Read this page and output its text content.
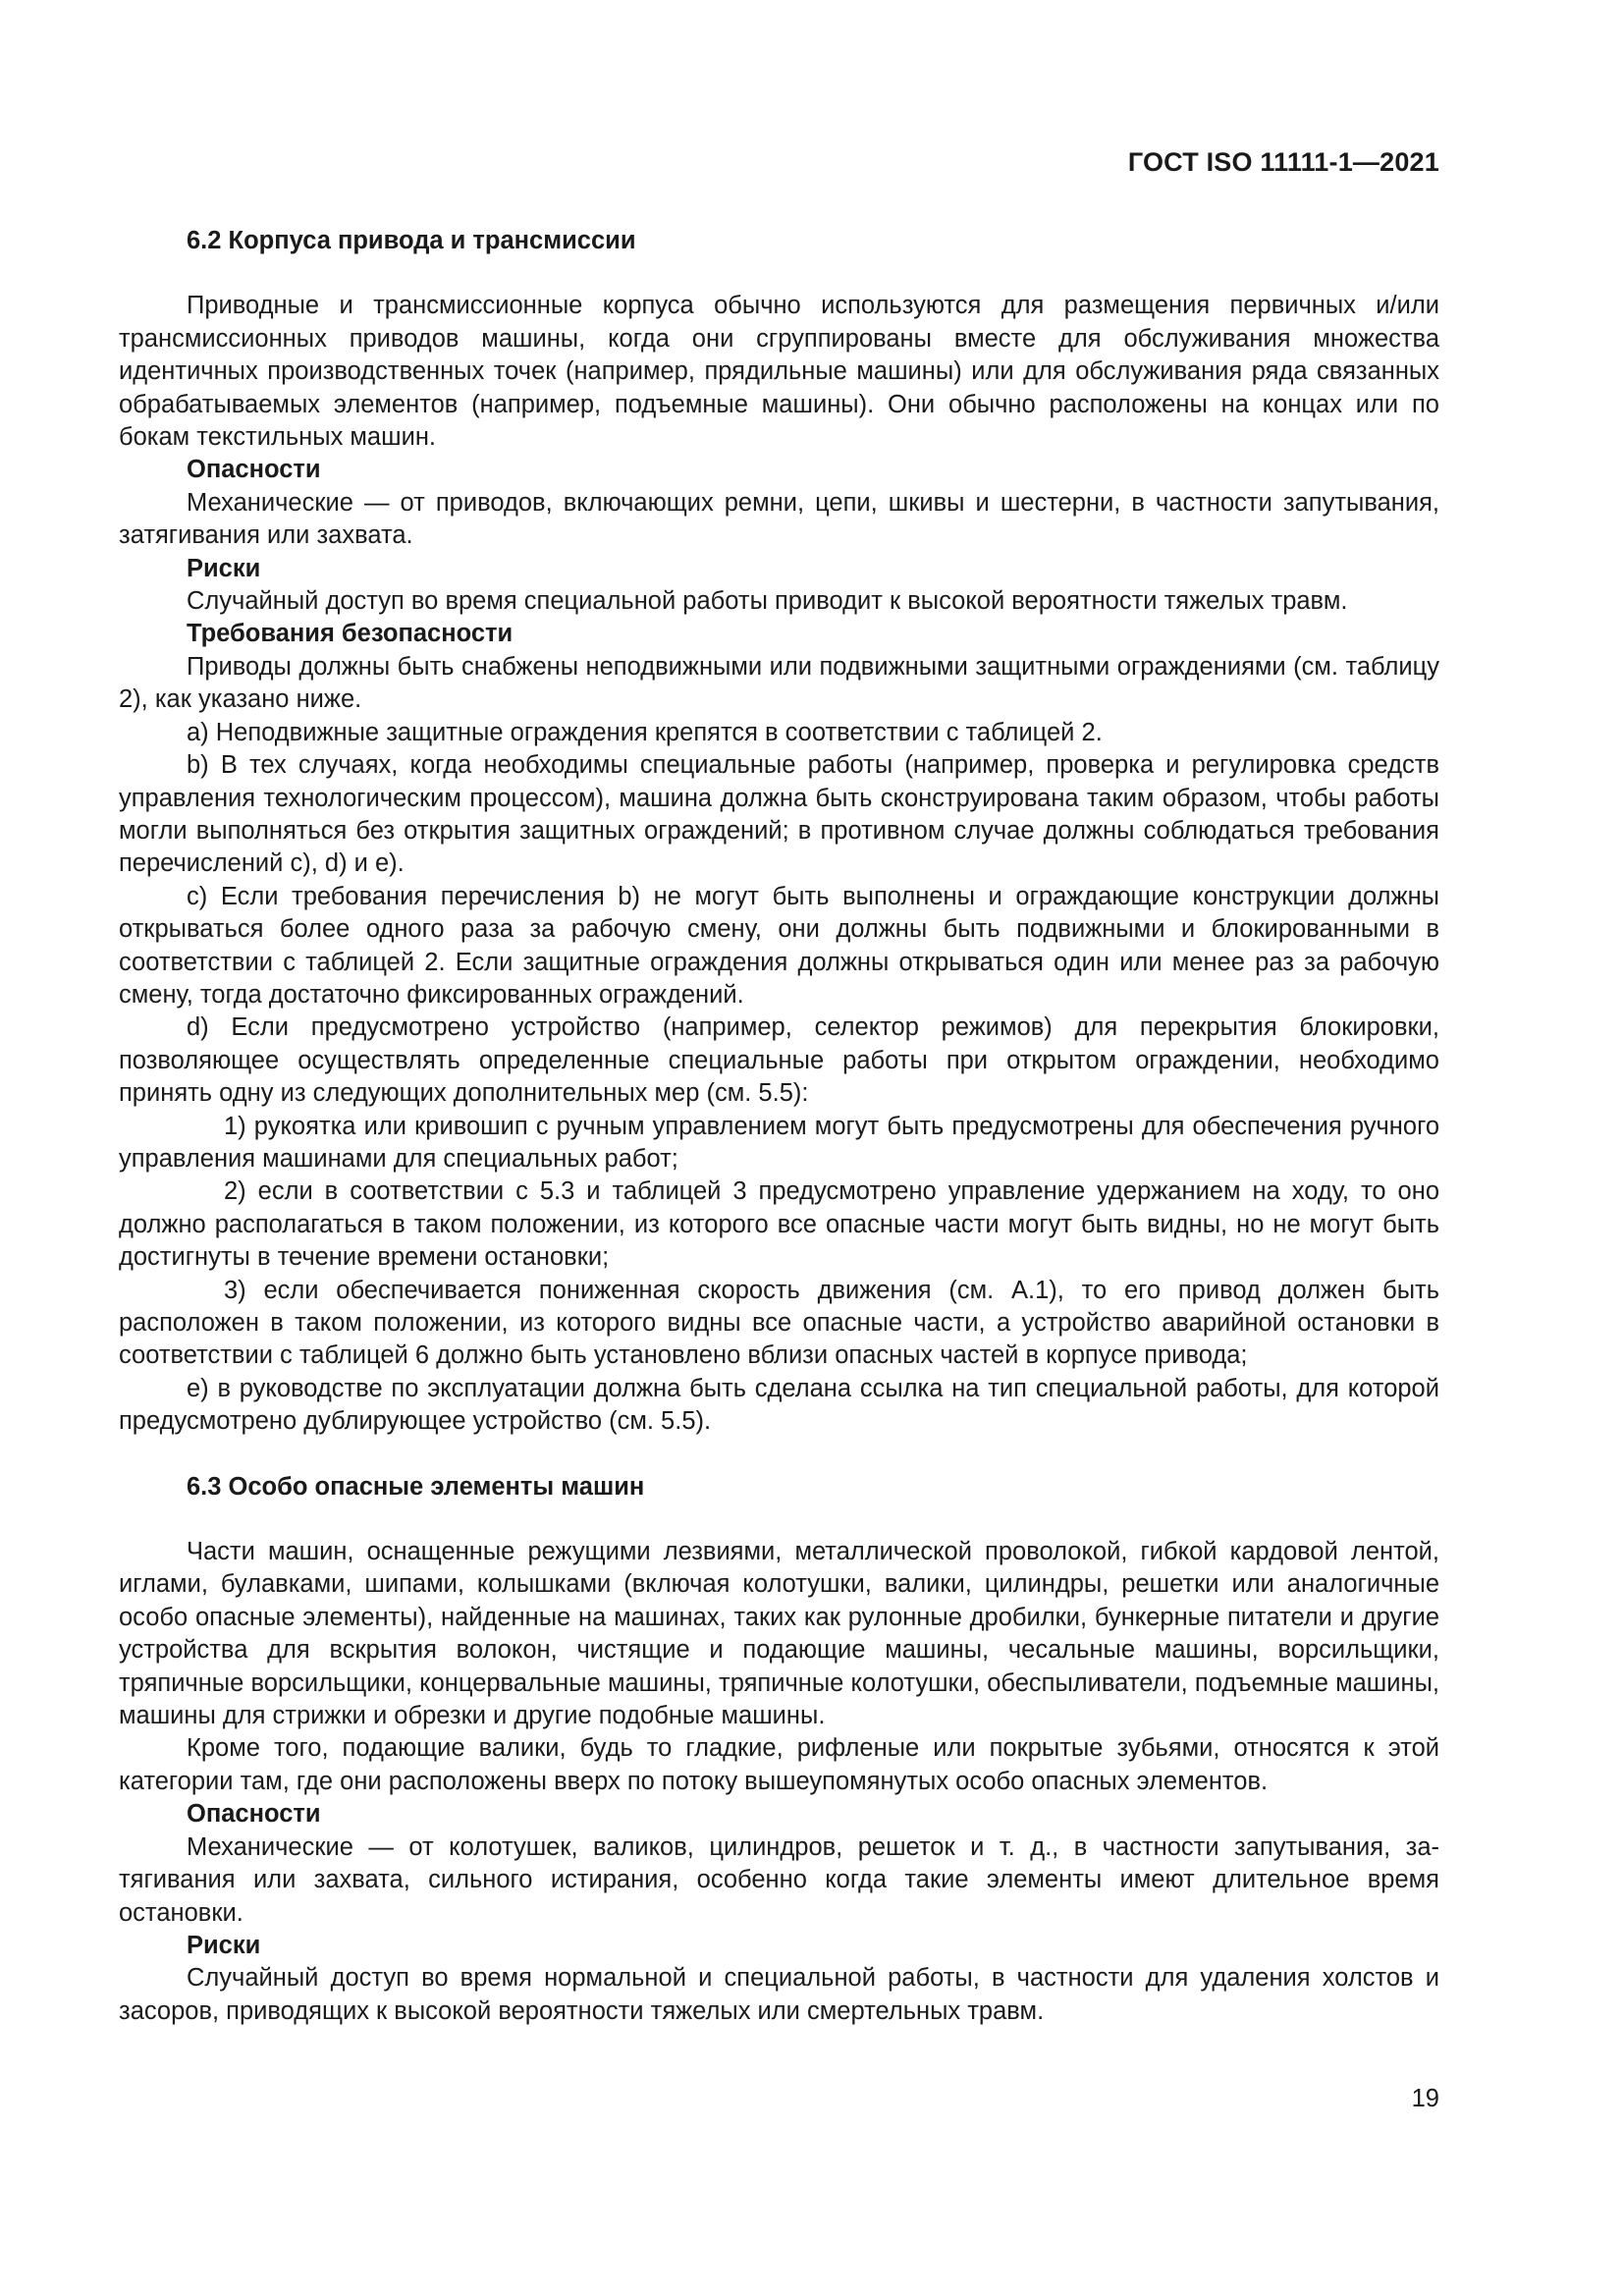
ГОСТ ISO 11111-1—2021

6.2 Корпуса привода и трансмиссии

Приводные и трансмиссионные корпуса обычно используются для размещения первичных и/или трансмиссионных приводов машины, когда они сгруппированы вместе для обслуживания множества идентичных производственных точек (например, прядильные машины) или для обслуживания ряда связанных обрабатываемых элементов (например, подъемные машины). Они обычно расположены на концах или по бокам текстильных машин.

Опасности

Механические — от приводов, включающих ремни, цепи, шкивы и шестерни, в частности запутывания, затягивания или захвата.

Риски

Случайный доступ во время специальной работы приводит к высокой вероятности тяжелых травм.

Требования безопасности

Приводы должны быть снабжены неподвижными или подвижными защитными ограждениями (см. таблицу 2), как указано ниже.

a) Неподвижные защитные ограждения крепятся в соответствии с таблицей 2.

b) В тех случаях, когда необходимы специальные работы (например, проверка и регулировка средств управления технологическим процессом), машина должна быть сконструирована таким образом, чтобы работы могли выполняться без открытия защитных ограждений; в противном случае должны соблюдаться требования перечислений c), d) и e).

c) Если требования перечисления b) не могут быть выполнены и ограждающие конструкции должны открываться более одного раза за рабочую смену, они должны быть подвижными и блокированными в соответствии с таблицей 2. Если защитные ограждения должны открываться один или менее раз за рабочую смену, тогда достаточно фиксированных ограждений.

d) Если предусмотрено устройство (например, селектор режимов) для перекрытия блокировки, позволяющее осуществлять определенные специальные работы при открытом ограждении, необходимо принять одну из следующих дополнительных мер (см. 5.5):

1) рукоятка или кривошип с ручным управлением могут быть предусмотрены для обеспечения ручного управления машинами для специальных работ;

2) если в соответствии с 5.3 и таблицей 3 предусмотрено управление удержанием на ходу, то оно должно располагаться в таком положении, из которого все опасные части могут быть видны, но не могут быть достигнуты в течение времени остановки;

3) если обеспечивается пониженная скорость движения (см. А.1), то его привод должен быть расположен в таком положении, из которого видны все опасные части, а устройство аварийной остановки в соответствии с таблицей 6 должно быть установлено вблизи опасных частей в корпусе привода;

e) в руководстве по эксплуатации должна быть сделана ссылка на тип специальной работы, для которой предусмотрено дублирующее устройство (см. 5.5).

6.3 Особо опасные элементы машин

Части машин, оснащенные режущими лезвиями, металлической проволокой, гибкой кардовой лентой, иглами, булавками, шипами, колышками (включая колотушки, валики, цилиндры, решетки или аналогичные особо опасные элементы), найденные на машинах, таких как рулонные дробилки, бункерные питатели и другие устройства для вскрытия волокон, чистящие и подающие машины, чесальные машины, ворсильщики, тряпичные ворсильщики, концервальные машины, тряпичные колотушки, обеспыливатели, подъемные машины, машины для стрижки и обрезки и другие подобные машины.

Кроме того, подающие валики, будь то гладкие, рифленые или покрытые зубьями, относятся к этой категории там, где они расположены вверх по потоку вышеупомянутых особо опасных элементов.

Опасности

Механические — от колотушек, валиков, цилиндров, решеток и т. д., в частности запутывания, затягивания или захвата, сильного истирания, особенно когда такие элементы имеют длительное время остановки.

Риски

Случайный доступ во время нормальной и специальной работы, в частности для удаления холстов и засоров, приводящих к высокой вероятности тяжелых или смертельных травм.

19
